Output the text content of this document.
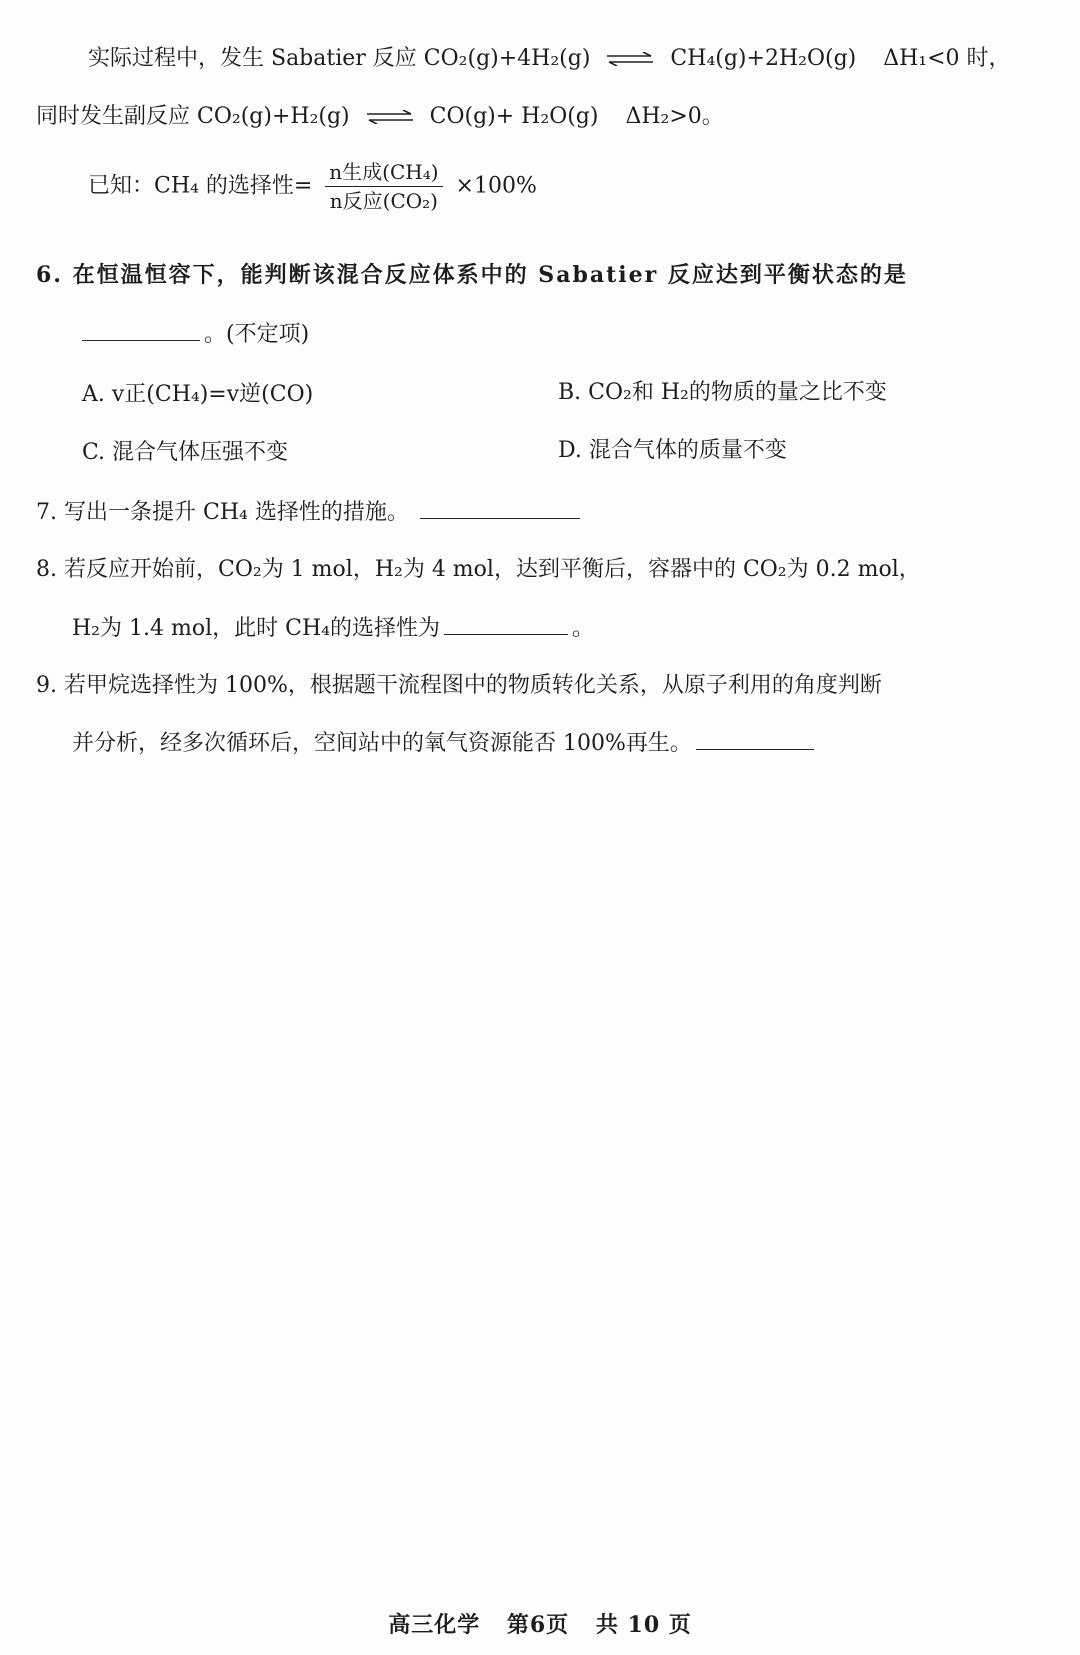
实际过程中，发生 Sabatier 反应 CO₂(g)+4H₂(g) ⇌ CH₄(g)+2H₂O(g) ΔH₁<0 时，
同时发生副反应 CO₂(g)+H₂(g) ⇌ CO(g)+ H₂O(g) ΔH₂>0。
已知：CH₄ 的选择性= $\frac{\text{n生成(CH₄)}}{\text{n反应(CO₂)}} \times 100\%$
6. 在恒温恒容下，能判断该混合反应体系中的 Sabatier 反应达到平衡状态的是
。(不定项)
A. v正(CH₄)=v逆(CO)	B. CO₂和 H₂的物质的量之比不变
C. 混合气体压强不变	D. 混合气体的质量不变
7. 写出一条提升 CH₄ 选择性的措施。
8. 若反应开始前，CO₂为 1 mol，H₂为 4 mol，达到平衡后，容器中的 CO₂为 0.2 mol，
H₂为 1.4 mol，此时 CH₄的选择性为	。
9. 若甲烷选择性为 100%，根据题干流程图中的物质转化关系，从原子利用的角度判断
并分析，经多次循环后，空间站中的氧气资源能否 100%再生。
高三化学 第6页 共 10 页
